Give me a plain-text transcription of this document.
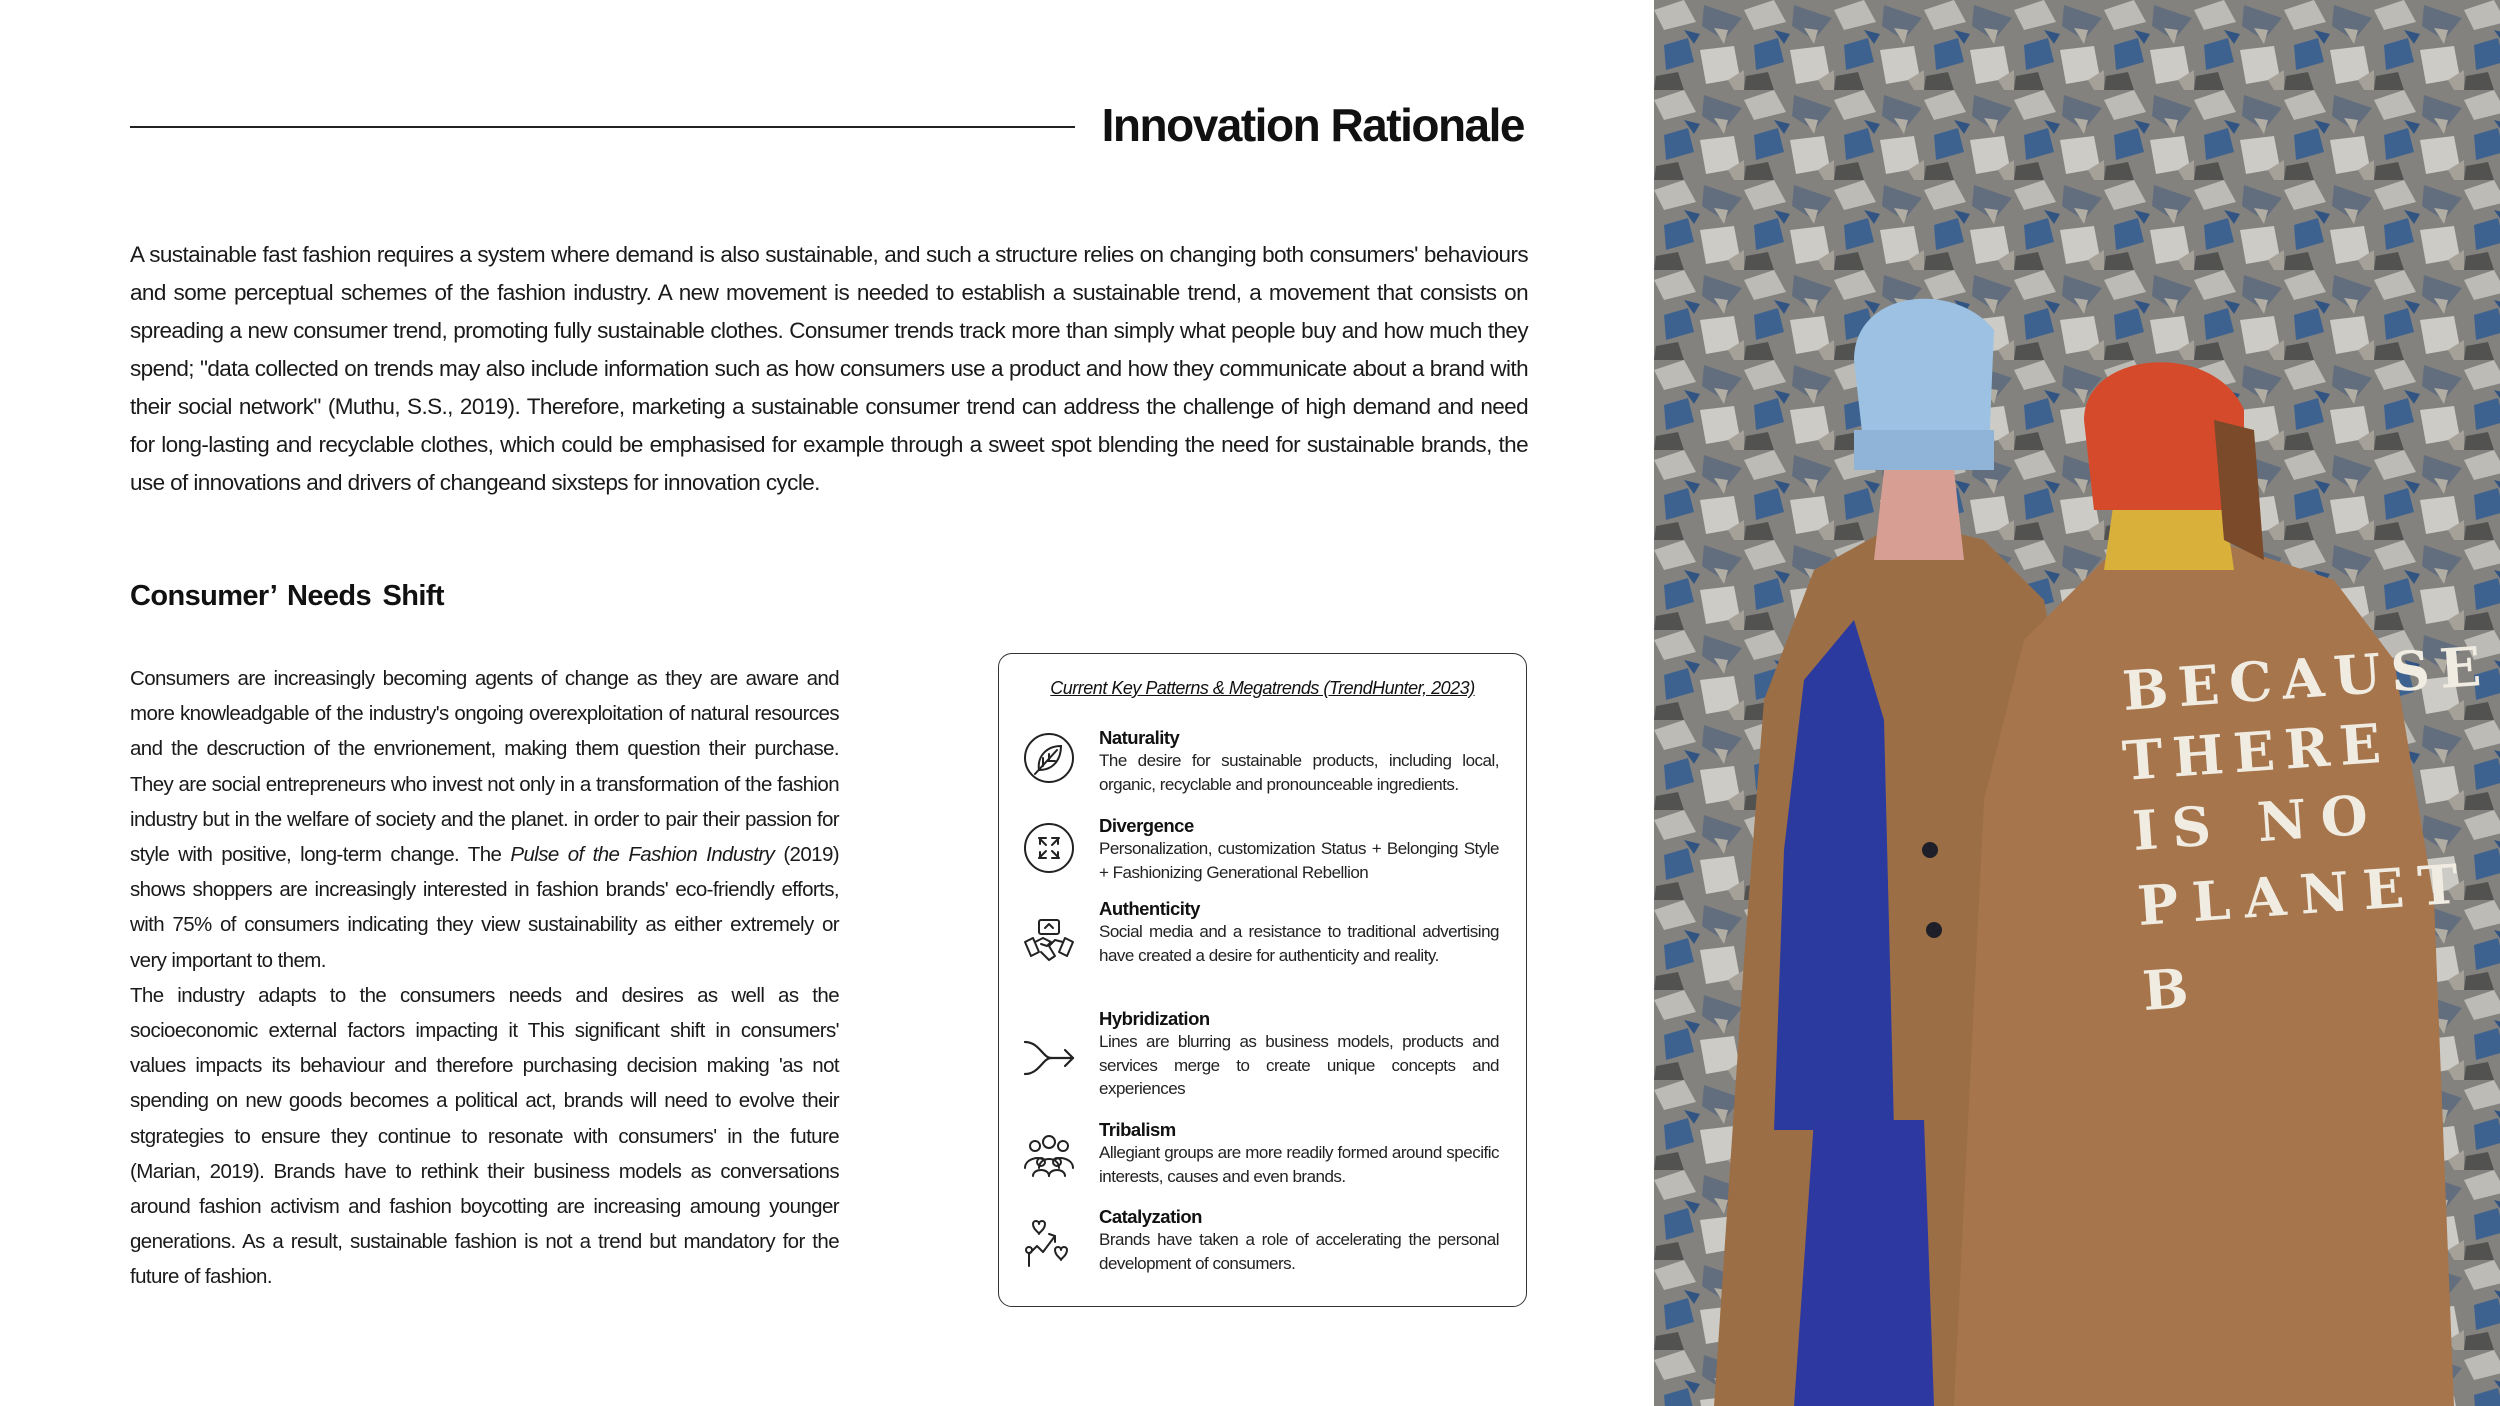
Innovation Rationale
A sustainable fast fashion requires a system where demand is also sustainable, and such a structure relies on changing both consumers' behaviours and some perceptual schemes of the fashion industry. A new movement is needed to establish a sustainable trend, a movement that consists on spreading a new consumer trend, promoting fully sustainable clothes. Consumer trends track more than simply what people buy and how much they spend; "data collected on trends may also include information such as how consumers use a product and how they communicate about a brand with their social network" (Muthu, S.S., 2019). Therefore, marketing a sustainable consumer trend can address the challenge of high demand and need for long-lasting and recyclable clothes, which could be emphasised for example through a sweet spot blending the need for sustainable brands, the use of innovations and drivers of changeand sixsteps for innovation cycle.
Consumer’ Needs Shift

Consumers are increasingly becoming agents of change as they are aware and more knowleadgable of the industry's ongoing overexploitation of natural resources and the descruction of the envrionement, making them question their purchase. They are social entrepreneurs who invest not only in a transformation of the fashion industry but in the welfare of society and the planet. in order to pair their passion for style with positive, long-term change. The Pulse of the Fashion Industry (2019) shows shoppers are increasingly interested in fashion brands' eco-friendly efforts, with 75% of consumers indicating they view sustainability as either extremely or very important to them.

The industry adapts to the consumers needs and desires as well as the socioeconomic external factors impacting it This significant shift in consumers' values impacts its behaviour and therefore purchasing decision making 'as not spending on new goods becomes a political act, brands will need to evolve their stgrategies to ensure they continue to resonate with consumers' in the future (Marian, 2019). Brands have to rethink their business models as conversations around fashion activism and fashion boycotting are increasing amoung younger generations. As a result, sustainable fashion is not a trend but mandatory for the future of fashion.

Current Key Patterns & Megatrends (TrendHunter, 2023)
Naturality
The desire for sustainable products, including local, organic, recyclable and pronounceable ingredients.
Divergence
Personalization, customization Status + Belonging Style + Fashionizing Generational Rebellion
Authenticity
Social media and a resistance to traditional advertising have created a desire for authenticity and reality.
Hybridization
Lines are blurring as business models, products and services merge to create unique concepts and experiences
Tribalism
Allegiant groups are more readily formed around specific interests, causes and even brands.
Catalyzation
Brands have taken a role of accelerating the personal development of consumers.
BECAUSE
THERE
IS NO
PLANET
B
